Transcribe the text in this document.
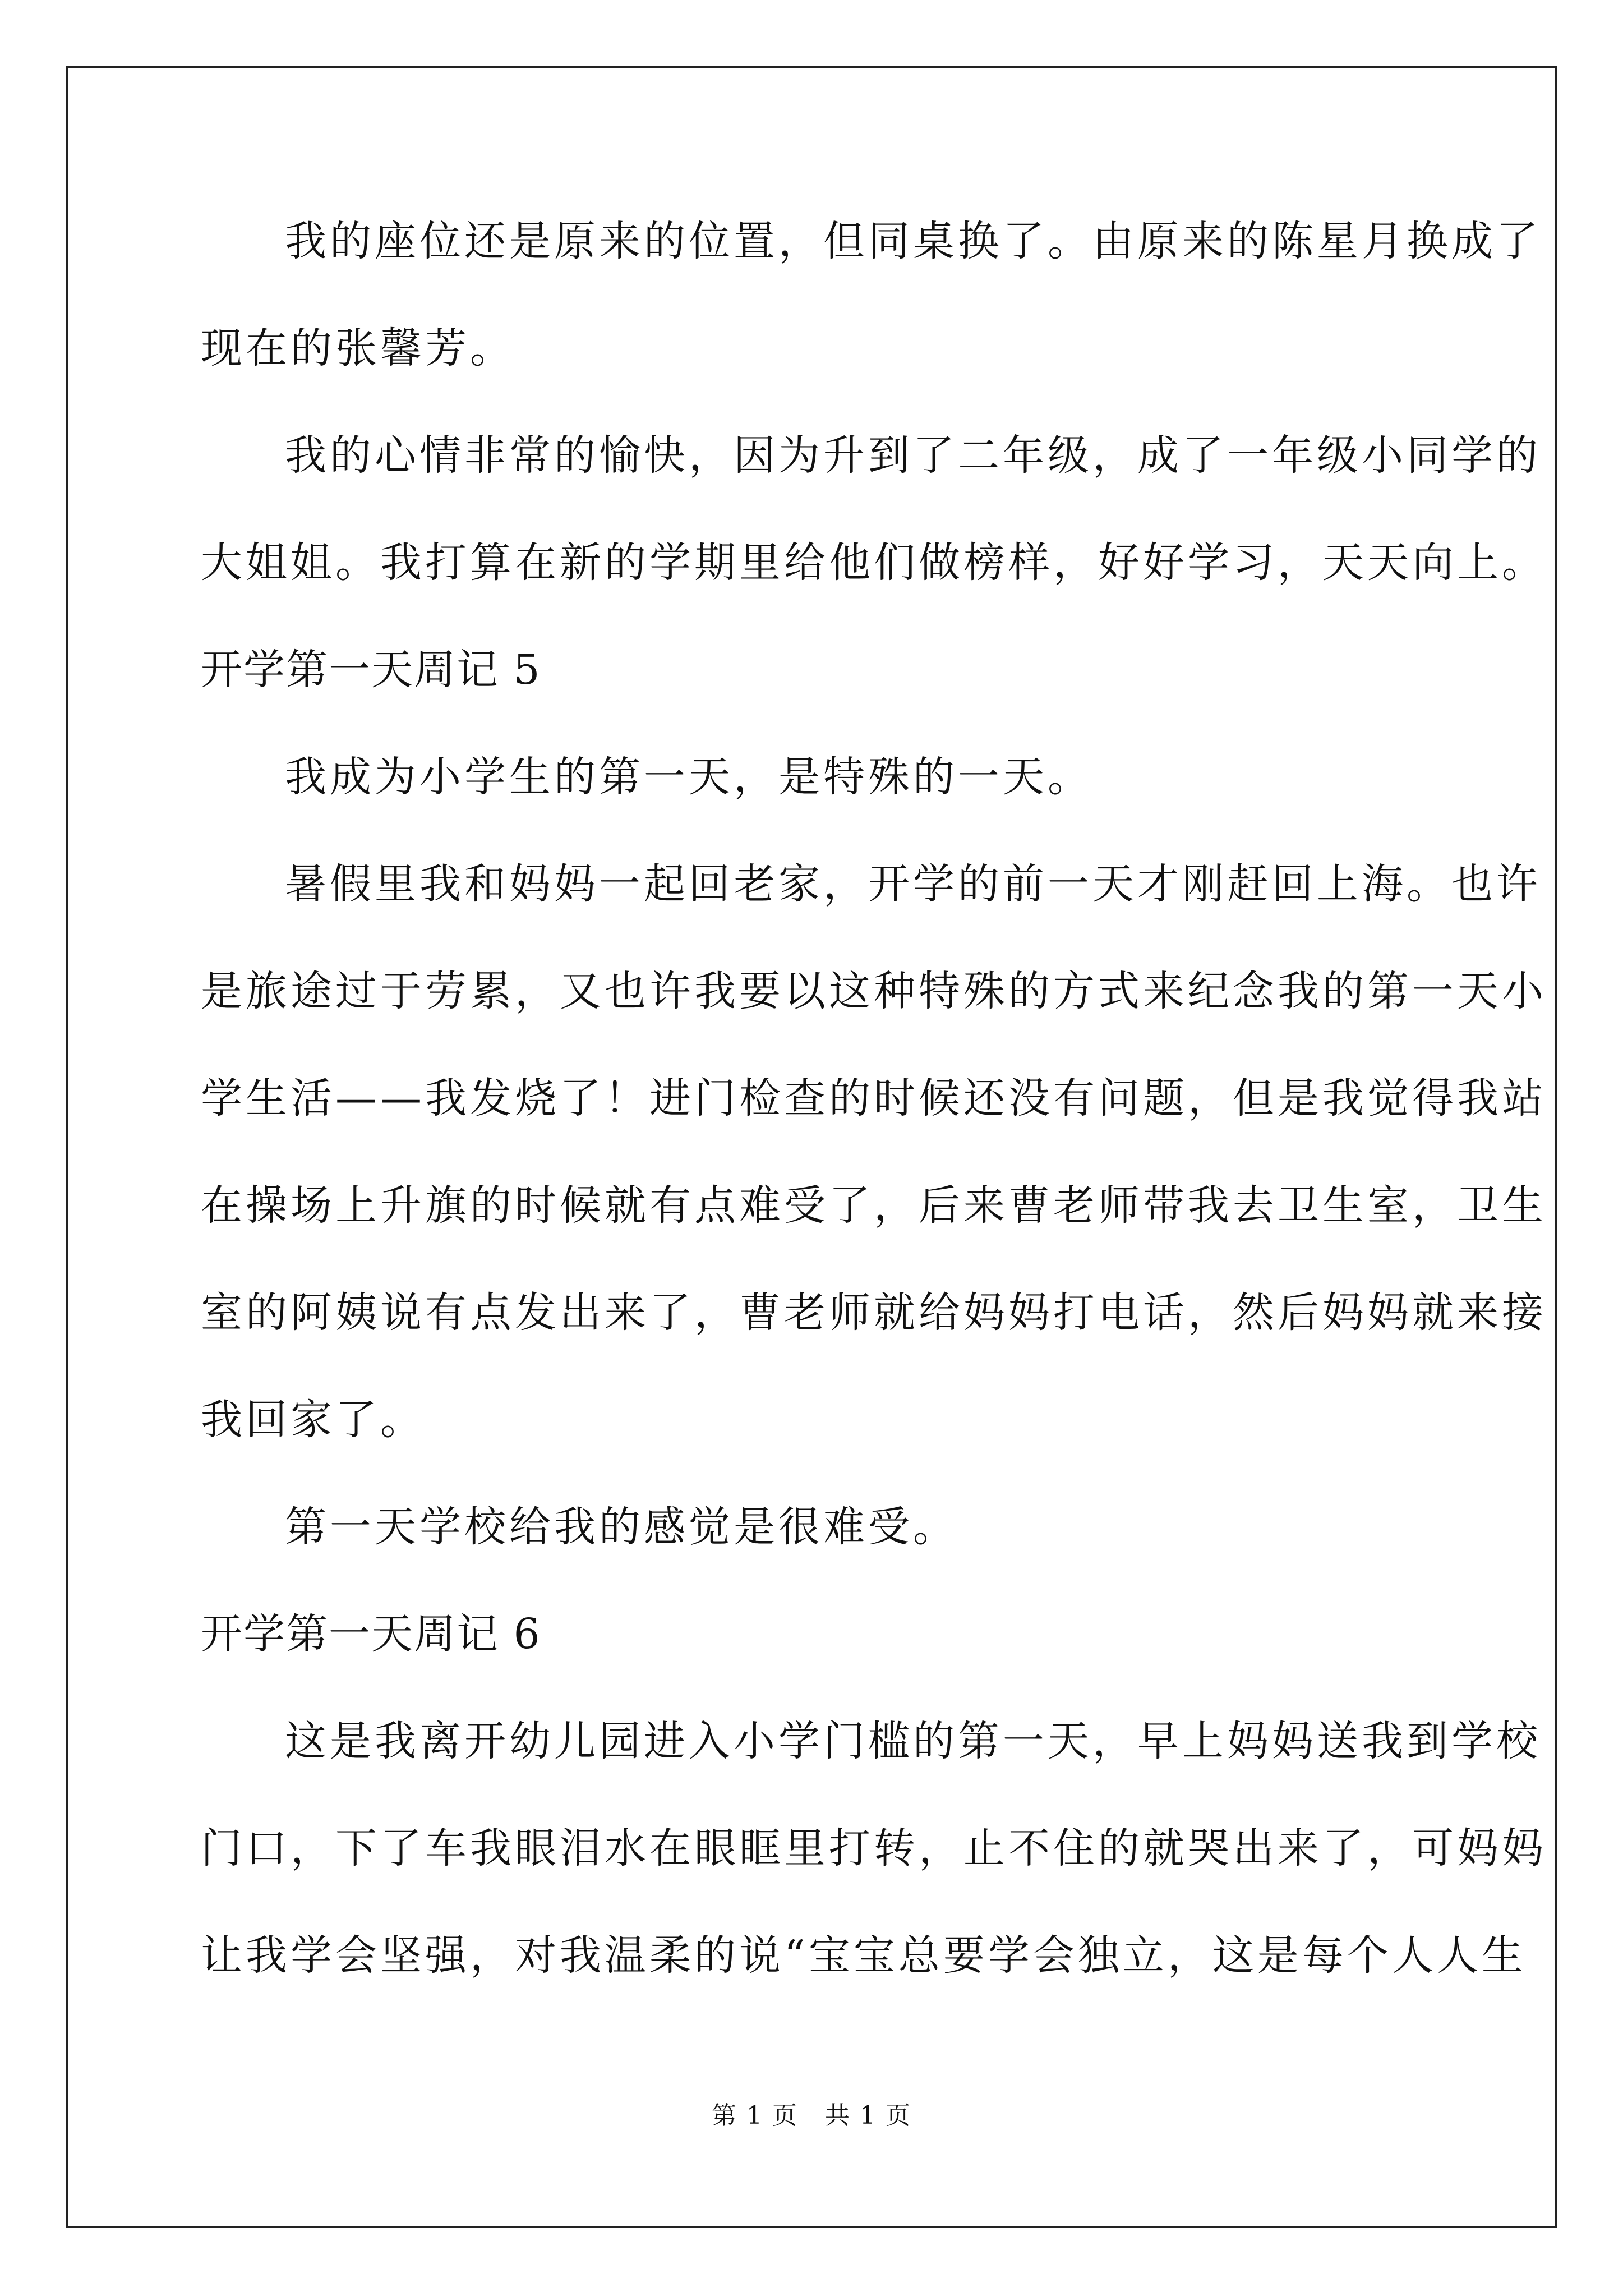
我的座位还是原来的位置，但同桌换了。由原来的陈星月换成了
现在的张馨芳。
我的心情非常的愉快，因为升到了二年级，成了一年级小同学的
大姐姐。我打算在新的学期里给他们做榜样，好好学习，天天向上。
开学第一天周记 5
我成为小学生的第一天，是特殊的一天。
暑假里我和妈妈一起回老家，开学的前一天才刚赶回上海。也许
是旅途过于劳累，又也许我要以这种特殊的方式来纪念我的第一天小
学生活——我发烧了！进门检查的时候还没有问题，但是我觉得我站
在操场上升旗的时候就有点难受了，后来曹老师带我去卫生室，卫生
室的阿姨说有点发出来了，曹老师就给妈妈打电话，然后妈妈就来接
我回家了。
第一天学校给我的感觉是很难受。
开学第一天周记 6
这是我离开幼儿园进入小学门槛的第一天，早上妈妈送我到学校
门口，下了车我眼泪水在眼眶里打转，止不住的就哭出来了，可妈妈
让我学会坚强，对我温柔的说“宝宝总要学会独立，这是每个人人生
第 1 页 共 1 页
